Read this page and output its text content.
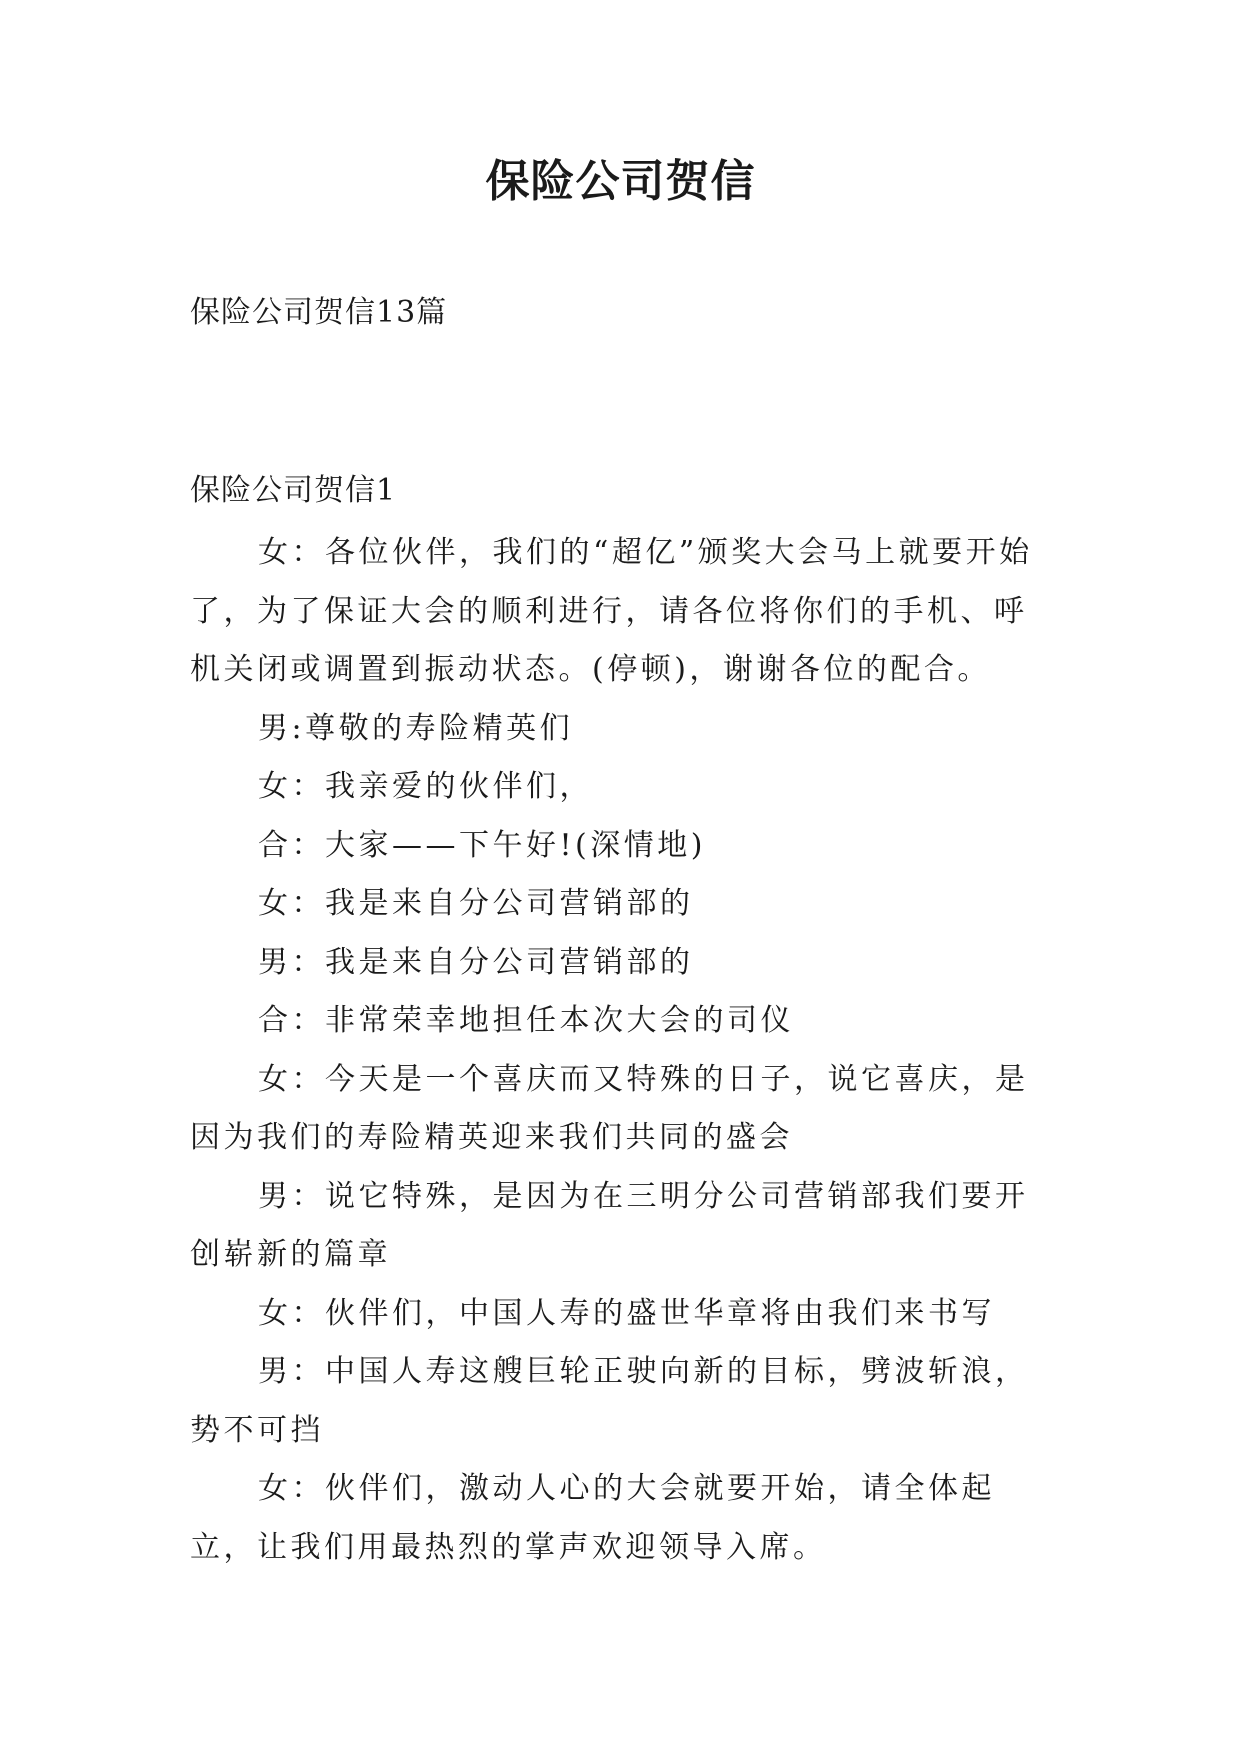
保险公司贺信
保险公司贺信13篇
保险公司贺信1

女：各位伙伴，我们的“超亿”颁奖大会马上就要开始了，为了保证大会的顺利进行，请各位将你们的手机、呼机关闭或调置到振动状态。(停顿)，谢谢各位的配合。

男:尊敬的寿险精英们

女：我亲爱的伙伴们，

合：大家——下午好!(深情地)

女：我是来自分公司营销部的

男：我是来自分公司营销部的

合：非常荣幸地担任本次大会的司仪

女：今天是一个喜庆而又特殊的日子，说它喜庆，是因为我们的寿险精英迎来我们共同的盛会

男：说它特殊，是因为在三明分公司营销部我们要开创崭新的篇章

女：伙伴们，中国人寿的盛世华章将由我们来书写

男：中国人寿这艘巨轮正驶向新的目标，劈波斩浪，势不可挡

女：伙伴们，激动人心的大会就要开始，请全体起立，让我们用最热烈的掌声欢迎领导入席。
